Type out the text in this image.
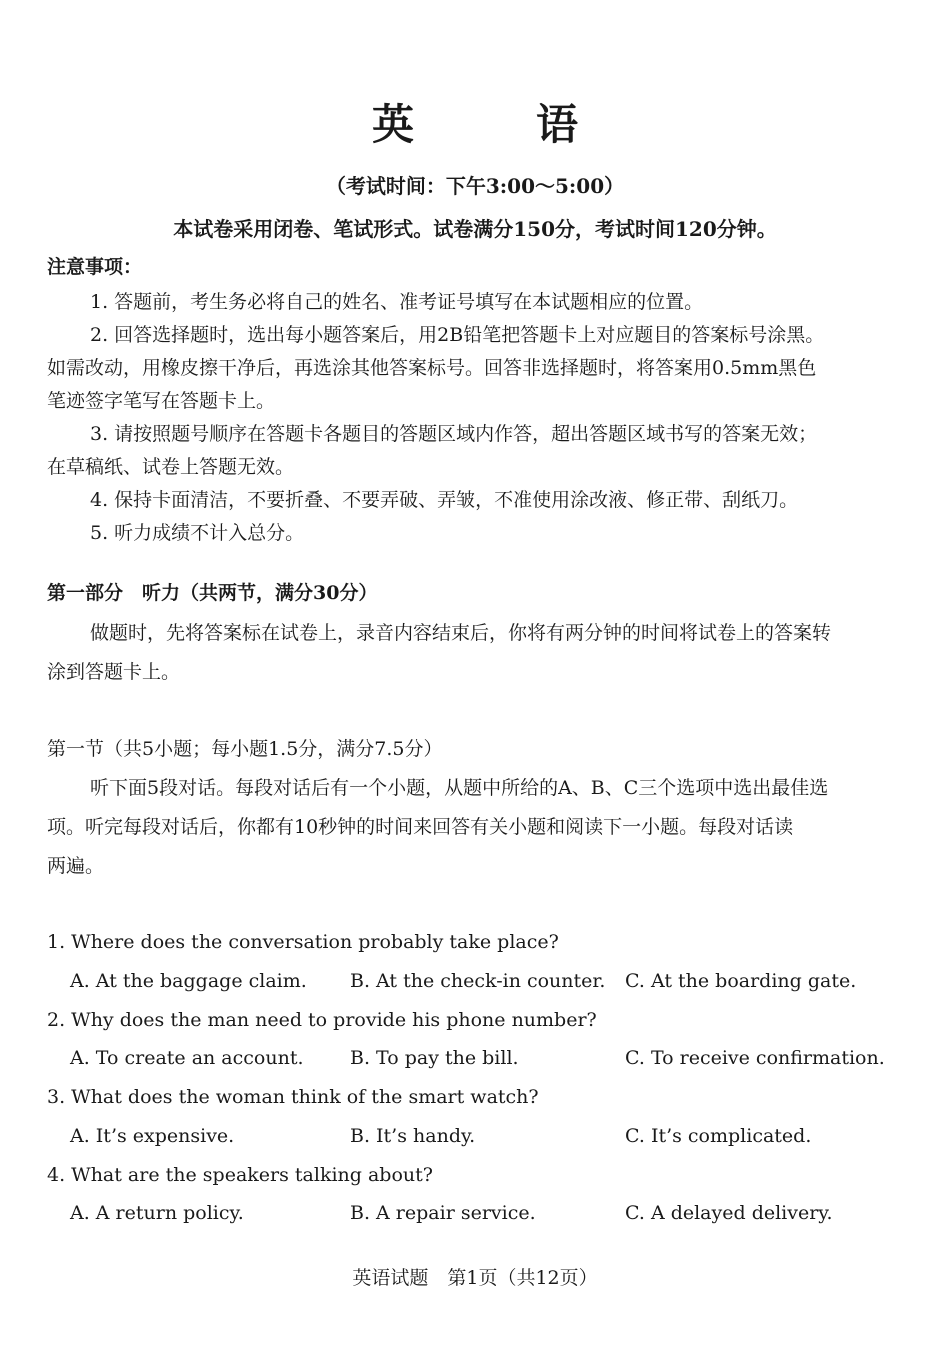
英　语
（考试时间：下午3:00～5:00）
本试卷采用闭卷、笔试形式。试卷满分150分，考试时间120分钟。
注意事项：
1. 答题前，考生务必将自己的姓名、准考证号填写在本试题相应的位置。
2. 回答选择题时，选出每小题答案后，用2B铅笔把答题卡上对应题目的答案标号涂黑。
如需改动，用橡皮擦干净后，再选涂其他答案标号。回答非选择题时，将答案用0.5mm黑色
笔迹签字笔写在答题卡上。
3. 请按照题号顺序在答题卡各题目的答题区域内作答，超出答题区域书写的答案无效；
在草稿纸、试卷上答题无效。
4. 保持卡面清洁，不要折叠、不要弄破、弄皱，不准使用涂改液、修正带、刮纸刀。
5. 听力成绩不计入总分。
第一部分　听力（共两节，满分30分）
做题时，先将答案标在试卷上，录音内容结束后，你将有两分钟的时间将试卷上的答案转
涂到答题卡上。
第一节（共5小题；每小题1.5分，满分7.5分）
听下面5段对话。每段对话后有一个小题，从题中所给的A、B、C三个选项中选出最佳选
项。听完每段对话后，你都有10秒钟的时间来回答有关小题和阅读下一小题。每段对话读
两遍。
1. Where does the conversation probably take place?
A. At the baggage claim. B. At the check-in counter. C. At the boarding gate.
2. Why does the man need to provide his phone number?
A. To create an account. B. To pay the bill.	C. To receive confirmation.
3. What does the woman think of the smart watch?
A. It’s expensive.	B. It’s handy.	C. It’s complicated.
4. What are the speakers talking about?
A. A return policy.	B. A repair service.	C. A delayed delivery.
英语试题　第1页（共12页）
